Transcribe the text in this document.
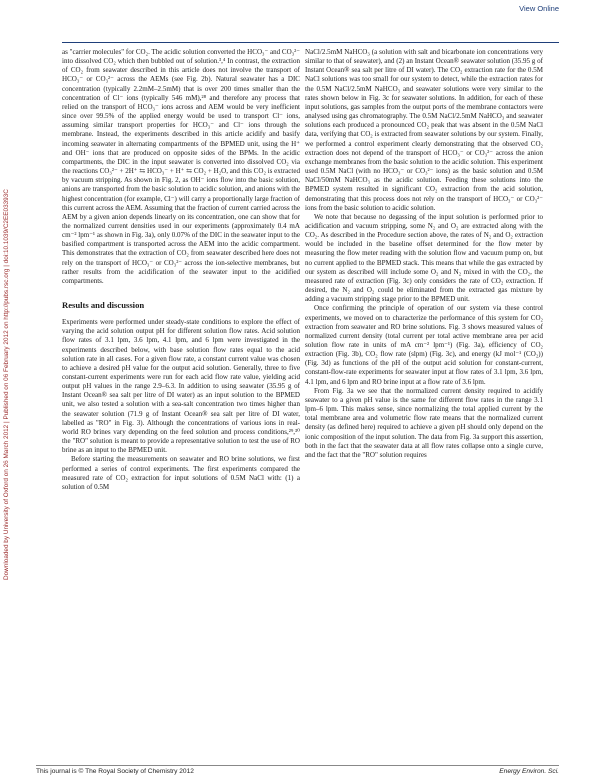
View Online
Downloaded by University of Oxford on 26 March 2012 | Published on 06 February 2012 on http://pubs.rsc.org | doi:10.1039/C2EE03393C

as "carrier molecules" for CO₂. The acidic solution converted the HCO₃⁻ and CO₃²⁻ into dissolved CO₂ which then bubbled out of solution.³,⁴ In contrast, the extraction of CO₂ from seawater described in this article does not involve the transport of HCO₃⁻ or CO₃²⁻ across the AEMs (see Fig. 2b). Natural seawater has a DIC concentration (typically 2.2mM–2.5mM) that is over 200 times smaller than the concentration of Cl⁻ ions (typically 546 mM),²⁸ and therefore any process that relied on the transport of HCO₃⁻ ions across and AEM would be very inefficient since over 99.5% of the applied energy would be used to transport Cl⁻ ions, assuming similar transport properties for HCO₃⁻ and Cl⁻ ions through the membrane. Instead, the experiments described in this article acidify and basify incoming seawater in alternating compartments of the BPMED unit, using the H⁺ and OH⁻ ions that are produced on opposite sides of the BPMs. In the acidic compartments, the DIC in the input seawater is converted into dissolved CO₂ via the reactions CO₃²⁻ + 2H⁺ ⇆ HCO₃⁻ + H⁺ ⇆ CO₂ + H₂O, and this CO₂ is extracted by vacuum stripping. As shown in Fig. 2, as OH⁻ ions flow into the basic solution, anions are transported from the basic solution to acidic solution, and anions with the highest concentration (for example, Cl⁻) will carry a proportionally large fraction of this current across the AEM. Assuming that the fraction of current carried across the AEM by a given anion depends linearly on its concentration, one can show that for the normalized current densities used in our experiments (approximately 0.4 mA cm⁻² lpm⁻¹ as shown in Fig. 3a), only 0.07% of the DIC in the seawater input to the basified compartment is transported across the AEM into the acidic compartment. This demonstrates that the extraction of CO₂ from seawater described here does not rely on the transport of HCO₃⁻ or CO₃²⁻ across the ion-selective membranes, but rather results from the acidification of the seawater input to the acidified compartments.

Results and discussion

Experiments were performed under steady-state conditions to explore the effect of varying the acid solution output pH for different solution flow rates. Acid solution flow rates of 3.1 lpm, 3.6 lpm, 4.1 lpm, and 6 lpm were investigated in the experiments described below, with base solution flow rates equal to the acid solution rate in all cases. For a given flow rate, a constant current value was chosen to achieve a desired pH value for the output acid solution. Generally, three to five constant-current experiments were run for each acid flow rate value, yielding acid output pH values in the range 2.9–6.3. In addition to using seawater (35.95 g of Instant Ocean® sea salt per litre of DI water) as an input solution to the BPMED unit, we also tested a solution with a sea-salt concentration two times higher than the seawater solution (71.9 g of Instant Ocean® sea salt per litre of DI water, labelled as "RO" in Fig. 3). Although the concentrations of various ions in real-world RO brines vary depending on the feed solution and process conditions,²⁹,³⁰ the "RO" solution is meant to provide a representative solution to test the use of RO brine as an input to the BPMED unit.

Before starting the measurements on seawater and RO brine solutions, we first performed a series of control experiments. The first experiments compared the measured rate of CO₂ extraction for input solutions of 0.5M NaCl with: (1) a solution of 0.5M

NaCl/2.5mM NaHCO₃ (a solution with salt and bicarbonate ion concentrations very similar to that of seawater), and (2) an Instant Ocean® seawater solution (35.95 g of Instant Ocean® sea salt per litre of DI water). The CO₂ extraction rate for the 0.5M NaCl solutions was too small for our system to detect, while the extraction rates for the 0.5M NaCl/2.5mM NaHCO₃ and seawater solutions were very similar to the rates shown below in Fig. 3c for seawater solutions. In addition, for each of these input solutions, gas samples from the output ports of the membrane contactors were analysed using gas chromatography. The 0.5M NaCl/2.5mM NaHCO₃ and seawater solutions each produced a pronounced CO₂ peak that was absent in the 0.5M NaCl data, verifying that CO₂ is extracted from seawater solutions by our system. Finally, we performed a control experiment clearly demonstrating that the observed CO₂ extraction does not depend of the transport of HCO₃⁻ or CO₃²⁻ across the anion exchange membranes from the basic solution to the acidic solution. This experiment used 0.5M NaCl (with no HCO₃⁻ or CO₃²⁻ ions) as the basic solution and 0.5M NaCl/50mM NaHCO₃ as the acidic solution. Feeding these solutions into the BPMED system resulted in significant CO₂ extraction from the acid solution, demonstrating that this process does not rely on the transport of HCO₃⁻ or CO₃²⁻ ions from the basic solution to acidic solution.

We note that because no degassing of the input solution is performed prior to acidification and vacuum stripping, some N₂ and O₂ are extracted along with the CO₂. As described in the Procedure section above, the rates of N₂ and O₂ extraction would be included in the baseline offset determined for the flow meter by measuring the flow meter reading with the solution flow and vacuum pump on, but no current applied to the BPMED stack. This means that while the gas extracted by our system as described will include some O₂ and N₂ mixed in with the CO₂, the measured rate of extraction (Fig. 3c) only considers the rate of CO₂ extraction. If desired, the N₂ and O₂ could be eliminated from the extracted gas mixture by adding a vacuum stripping stage prior to the BPMED unit.

Once confirming the principle of operation of our system via these control experiments, we moved on to characterize the performance of this system for CO₂ extraction from seawater and RO brine solutions. Fig. 3 shows measured values of normalized current density (total current per total active membrane area per acid solution flow rate in units of mA cm⁻² lpm⁻¹) (Fig. 3a), efficiency of CO₂ extraction (Fig. 3b), CO₂ flow rate (slpm) (Fig. 3c), and energy (kJ mol⁻¹ (CO₂)) (Fig. 3d) as functions of the pH of the output acid solution for constant-current, constant-flow-rate experiments for seawater input at flow rates of 3.1 lpm, 3.6 lpm, 4.1 lpm, and 6 lpm and RO brine input at a flow rate of 3.6 lpm.

From Fig. 3a we see that the normalized current density required to acidify seawater to a given pH value is the same for different flow rates in the range 3.1 lpm–6 lpm. This makes sense, since normalizing the total applied current by the total membrane area and volumetric flow rate means that the normalized current density (as defined here) required to achieve a given pH should only depend on the ionic composition of the input solution. The data from Fig. 3a support this assertion, both in the fact that the seawater data at all flow rates collapse onto a single curve, and the fact that the "RO" solution requires

This journal is © The Royal Society of Chemistry 2012	Energy Environ. Sci.
